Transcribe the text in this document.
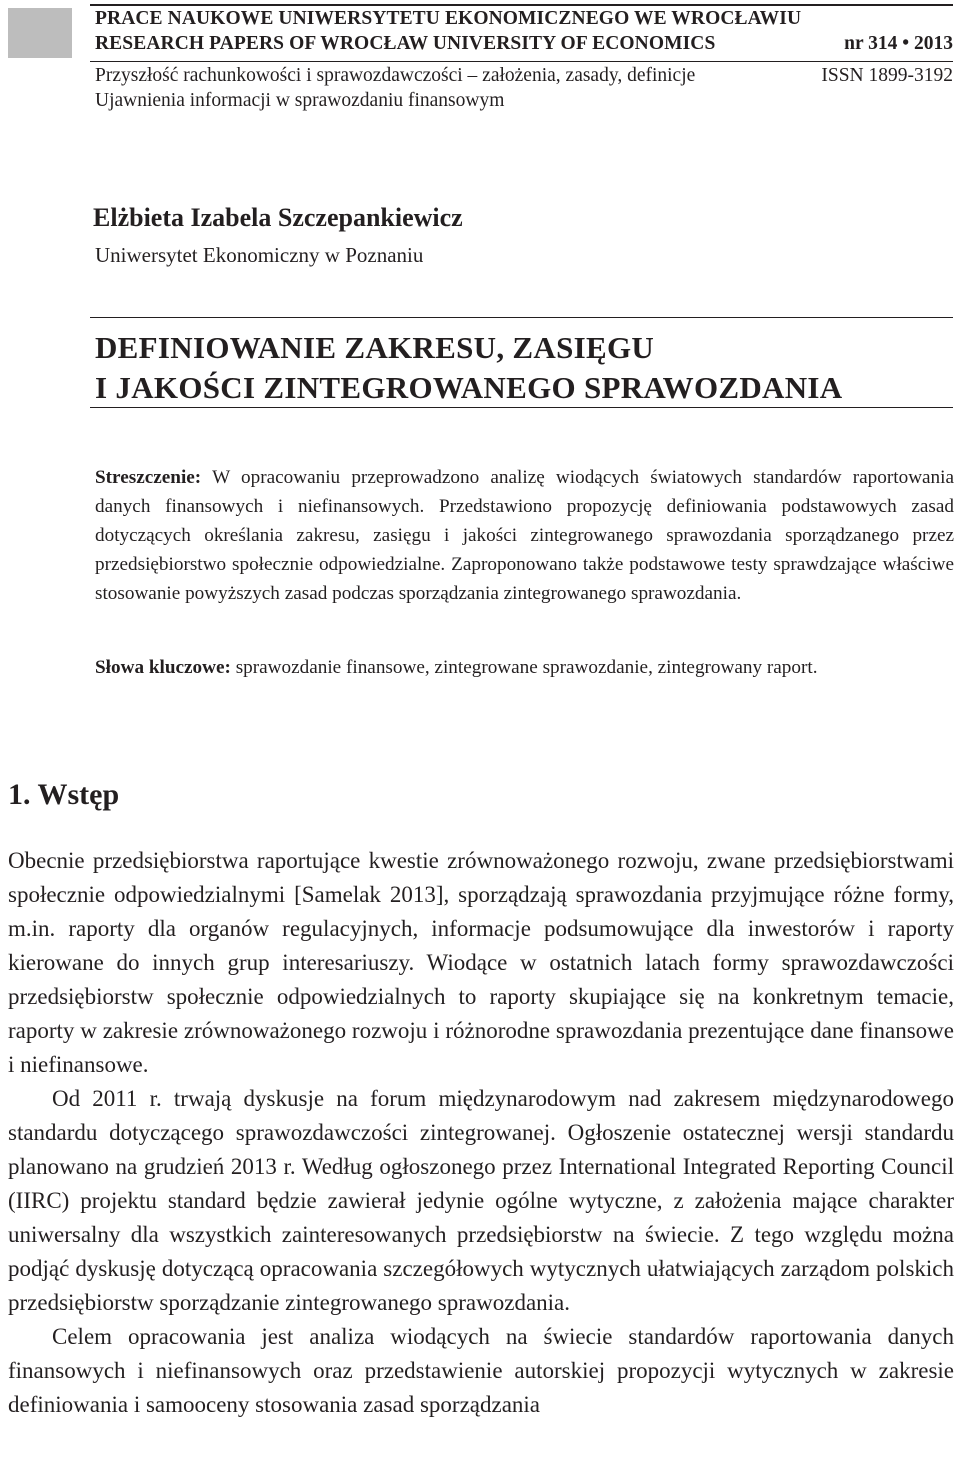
PRACE NAUKOWE UNIWERSYTETU EKONOMICZNEGO WE WROCŁAWIU
RESEARCH PAPERS OF WROCŁAW UNIVERSITY OF ECONOMICS	nr 314 • 2013
Przyszłość rachunkowości i sprawozdawczości – założenia, zasady, definicje
Ujawnienia informacji w sprawozdaniu finansowym
ISSN 1899-3192
Elżbieta Izabela Szczepankiewicz
Uniwersytet Ekonomiczny w Poznaniu
DEFINIOWANIE ZAKRESU, ZASIĘGU
I JAKOŚCI ZINTEGROWANEGO SPRAWOZDANIA
Streszczenie: W opracowaniu przeprowadzono analizę wiodących światowych standardów raportowania danych finansowych i niefinansowych. Przedstawiono propozycję definiowania podstawowych zasad dotyczących określania zakresu, zasięgu i jakości zintegrowanego sprawozdania sporządzanego przez przedsiębiorstwo społecznie odpowiedzialne. Zaproponowano także podstawowe testy sprawdzające właściwe stosowanie powyższych zasad podczas sporządzania zintegrowanego sprawozdania.
Słowa kluczowe: sprawozdanie finansowe, zintegrowane sprawozdanie, zintegrowany raport.
1. Wstęp

Obecnie przedsiębiorstwa raportujące kwestie zrównoważonego rozwoju, zwane przedsiębiorstwami społecznie odpowiedzialnymi [Samelak 2013], sporządzają sprawozdania przyjmujące różne formy, m.in. raporty dla organów regulacyjnych, informacje podsumowujące dla inwestorów i raporty kierowane do innych grup interesariuszy. Wiodące w ostatnich latach formy sprawozdawczości przedsiębiorstw społecznie odpowiedzialnych to raporty skupiające się na konkretnym temacie, raporty w zakresie zrównoważonego rozwoju i różnorodne sprawozdania prezentujące dane finansowe i niefinansowe.

Od 2011 r. trwają dyskusje na forum międzynarodowym nad zakresem międzynarodowego standardu dotyczącego sprawozdawczości zintegrowanej. Ogłoszenie ostatecznej wersji standardu planowano na grudzień 2013 r. Według ogłoszonego przez International Integrated Reporting Council (IIRC) projektu standard będzie zawierał jedynie ogólne wytyczne, z założenia mające charakter uniwersalny dla wszystkich zainteresowanych przedsiębiorstw na świecie. Z tego względu można podjąć dyskusję dotyczącą opracowania szczegółowych wytycznych ułatwiających zarządom polskich przedsiębiorstw sporządzanie zintegrowanego sprawozdania.

Celem opracowania jest analiza wiodących na świecie standardów raportowania danych finansowych i niefinansowych oraz przedstawienie autorskiej propozycji wytycznych w zakresie definiowania i samooceny stosowania zasad sporządzania
